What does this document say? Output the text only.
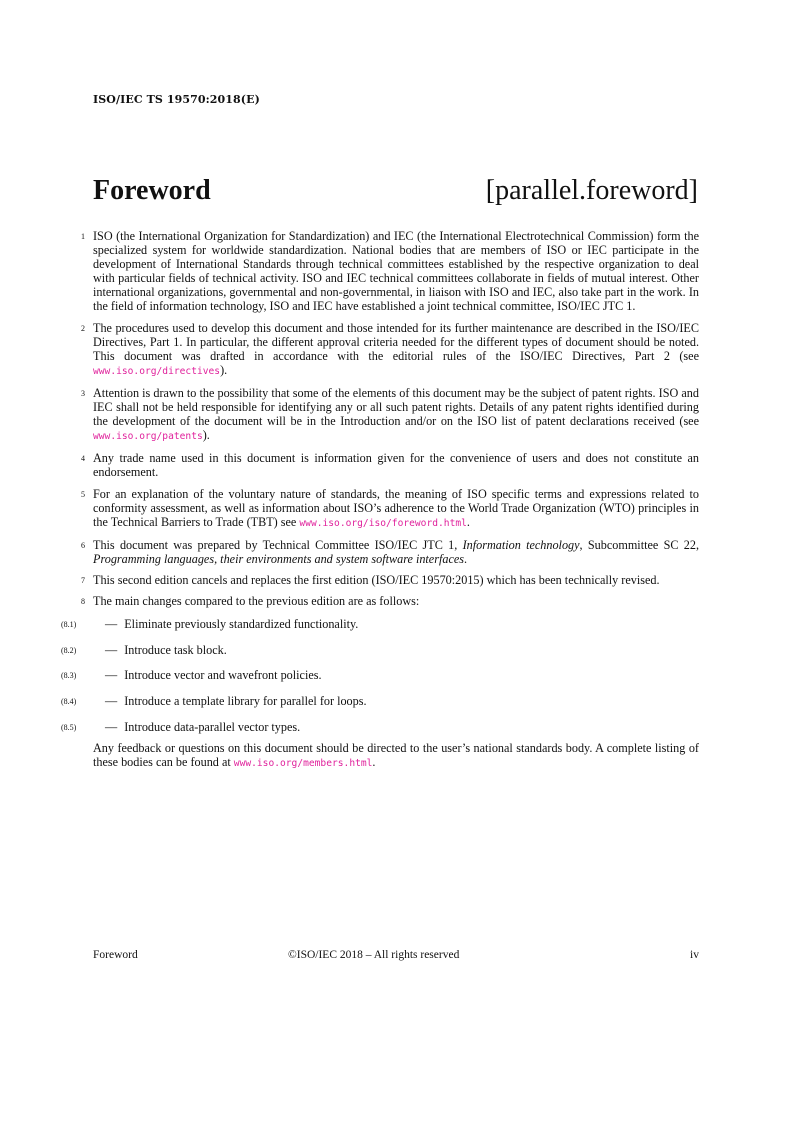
ISO/IEC TS 19570:2018(E)
Foreword	[parallel.foreword]
1 ISO (the International Organization for Standardization) and IEC (the International Electrotechnical Commission) form the specialized system for worldwide standardization. National bodies that are members of ISO or IEC participate in the development of International Standards through technical committees established by the respective organization to deal with particular fields of technical activity. ISO and IEC technical committees collaborate in fields of mutual interest. Other international organizations, governmental and non-governmental, in liaison with ISO and IEC, also take part in the work. In the field of information technology, ISO and IEC have established a joint technical committee, ISO/IEC JTC 1.
2 The procedures used to develop this document and those intended for its further maintenance are described in the ISO/IEC Directives, Part 1. In particular, the different approval criteria needed for the different types of document should be noted. This document was drafted in accordance with the editorial rules of the ISO/IEC Directives, Part 2 (see www.iso.org/directives).
3 Attention is drawn to the possibility that some of the elements of this document may be the subject of patent rights. ISO and IEC shall not be held responsible for identifying any or all such patent rights. Details of any patent rights identified during the development of the document will be in the Introduction and/or on the ISO list of patent declarations received (see www.iso.org/patents).
4 Any trade name used in this document is information given for the convenience of users and does not constitute an endorsement.
5 For an explanation of the voluntary nature of standards, the meaning of ISO specific terms and expressions related to conformity assessment, as well as information about ISO’s adherence to the World Trade Organization (WTO) principles in the Technical Barriers to Trade (TBT) see www.iso.org/iso/foreword.html.
6 This document was prepared by Technical Committee ISO/IEC JTC 1, Information technology, Subcommittee SC 22, Programming languages, their environments and system software interfaces.
7 This second edition cancels and replaces the first edition (ISO/IEC 19570:2015) which has been technically revised.
8 The main changes compared to the previous edition are as follows:
(8.1)	— Eliminate previously standardized functionality.
(8.2)	— Introduce task block.
(8.3)	— Introduce vector and wavefront policies.
(8.4)	— Introduce a template library for parallel for loops.
(8.5)	— Introduce data-parallel vector types.
Any feedback or questions on this document should be directed to the user’s national standards body. A complete listing of these bodies can be found at www.iso.org/members.html.
Foreword	©ISO/IEC 2018 – All rights reserved	iv
